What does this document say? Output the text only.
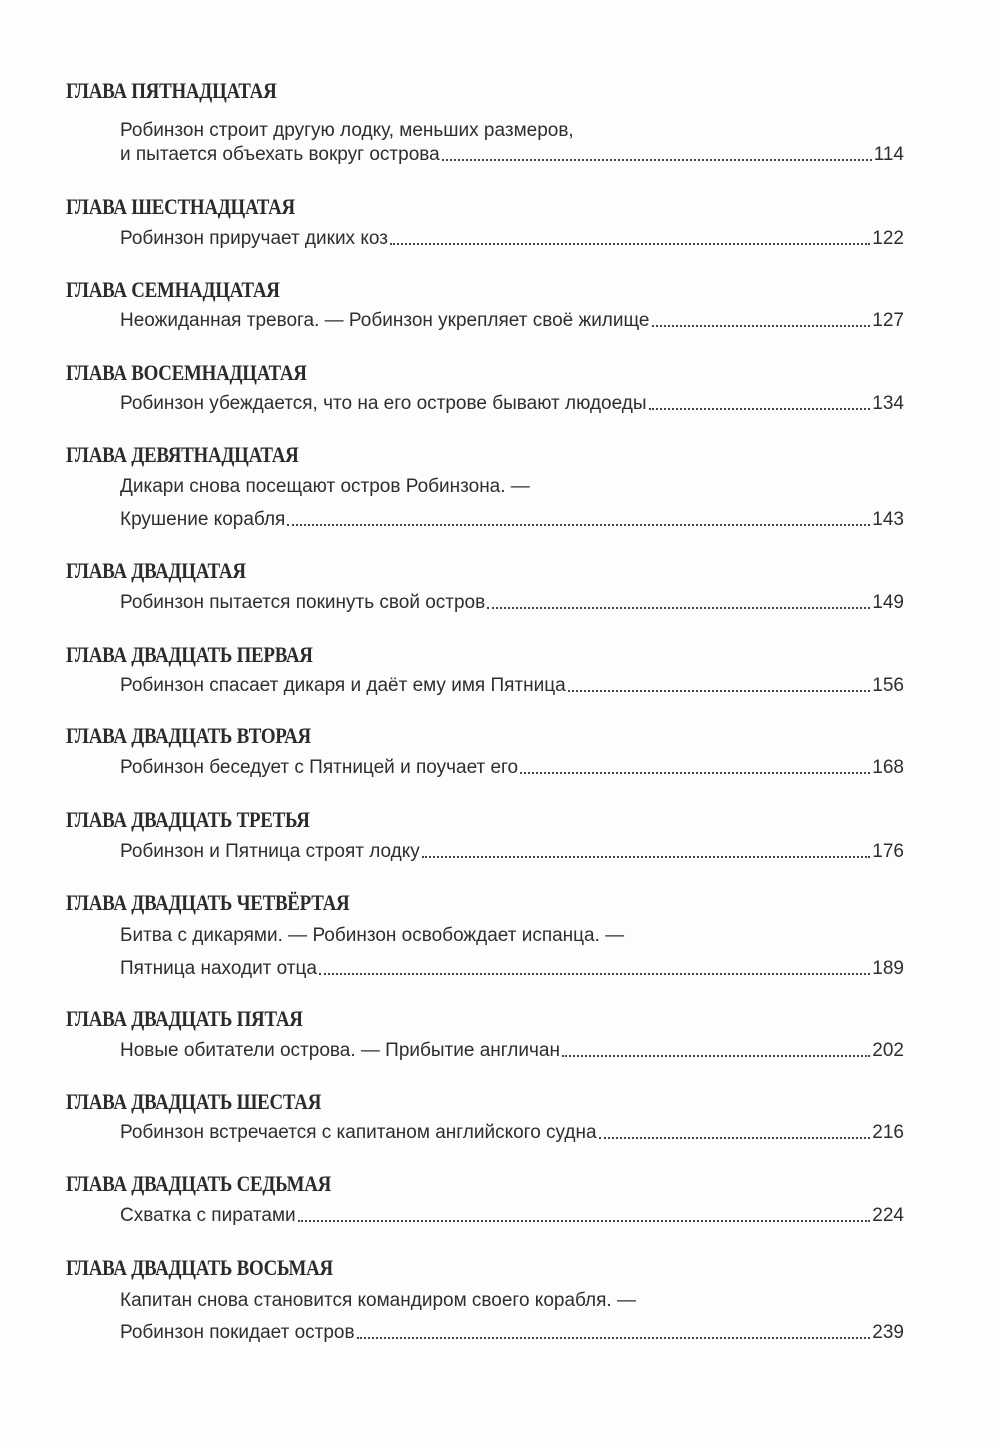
ГЛАВА ПЯТНАДЦАТАЯ
Робинзон строит другую лодку, меньших размеров,
и пытается объехать вокруг острова	114
ГЛАВА ШЕСТНАДЦАТАЯ
Робинзон приручает диких коз	122
ГЛАВА СЕМНАДЦАТАЯ
Неожиданная тревога. — Робинзон укрепляет своё жилище	127
ГЛАВА ВОСЕМНАДЦАТАЯ
Робинзон убеждается, что на его острове бывают людоеды	134
ГЛАВА ДЕВЯТНАДЦАТАЯ
Дикари снова посещают остров Робинзона. —
Крушение корабля	143
ГЛАВА ДВАДЦАТАЯ
Робинзон пытается покинуть свой остров	149
ГЛАВА ДВАДЦАТЬ ПЕРВАЯ
Робинзон спасает дикаря и даёт ему имя Пятница	156
ГЛАВА ДВАДЦАТЬ ВТОРАЯ
Робинзон беседует с Пятницей и поучает его	168
ГЛАВА ДВАДЦАТЬ ТРЕТЬЯ
Робинзон и Пятница строят лодку	176
ГЛАВА ДВАДЦАТЬ ЧЕТВЁРТАЯ
Битва с дикарями. — Робинзон освобождает испанца. —
Пятница находит отца	189
ГЛАВА ДВАДЦАТЬ ПЯТАЯ
Новые обитатели острова. — Прибытие англичан	202
ГЛАВА ДВАДЦАТЬ ШЕСТАЯ
Робинзон встречается с капитаном английского судна	216
ГЛАВА ДВАДЦАТЬ СЕДЬМАЯ
Схватка с пиратами	224
ГЛАВА ДВАДЦАТЬ ВОСЬМАЯ
Капитан снова становится командиром своего корабля. —
Робинзон покидает остров	239
